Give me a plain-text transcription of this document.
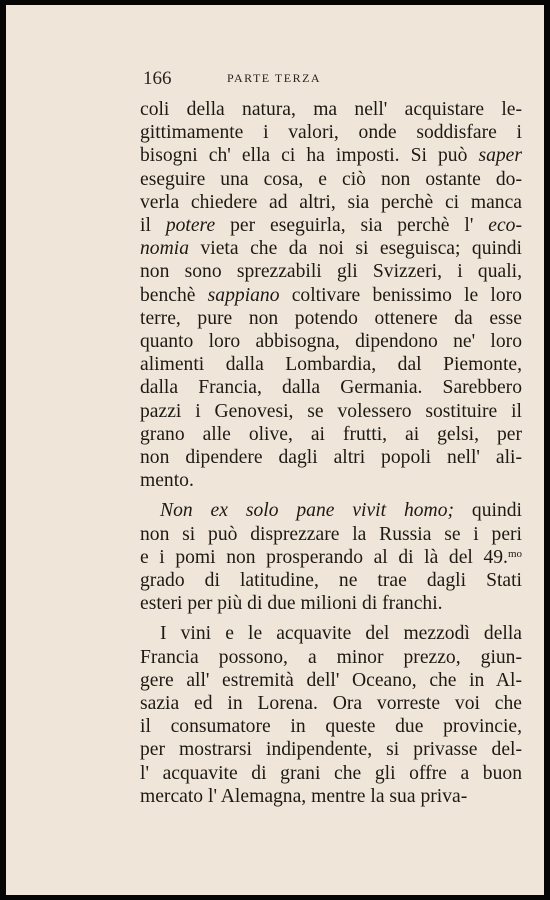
166	PARTE TERZA
coli della natura, ma nell' acquistare le-
gittimamente i valori, onde soddisfare i
bisogni ch' ella ci ha imposti. Si può saper
eseguire una cosa, e ciò non ostante do-
verla chiedere ad altri, sia perchè ci manca
il potere per eseguirla, sia perchè l' eco-
nomia vieta che da noi si eseguisca; quindi
non sono sprezzabili gli Svizzeri, i quali,
benchè sappiano coltivare benissimo le loro
terre, pure non potendo ottenere da esse
quanto loro abbisogna, dipendono ne' loro
alimenti dalla Lombardia, dal Piemonte,
dalla Francia, dalla Germania. Sarebbero
pazzi i Genovesi, se volessero sostituire il
grano alle olive, ai frutti, ai gelsi, per
non dipendere dagli altri popoli nell' ali-
mento.
Non ex solo pane vivit homo; quindi
non si può disprezzare la Russia se i peri
e i pomi non prosperando al di là del 49.$^{mo}$
grado di latitudine, ne trae dagli Stati
esteri per più di due milioni di franchi.
I vini e le acquavite del mezzodì della
Francia possono, a minor prezzo, giun-
gere all' estremità dell' Oceano, che in Al-
sazia ed in Lorena. Ora vorreste voi che
il consumatore in queste due provincie,
per mostrarsi indipendente, si privasse del-
l' acquavite di grani che gli offre a buon
mercato l' Alemagna, mentre la sua priva-
